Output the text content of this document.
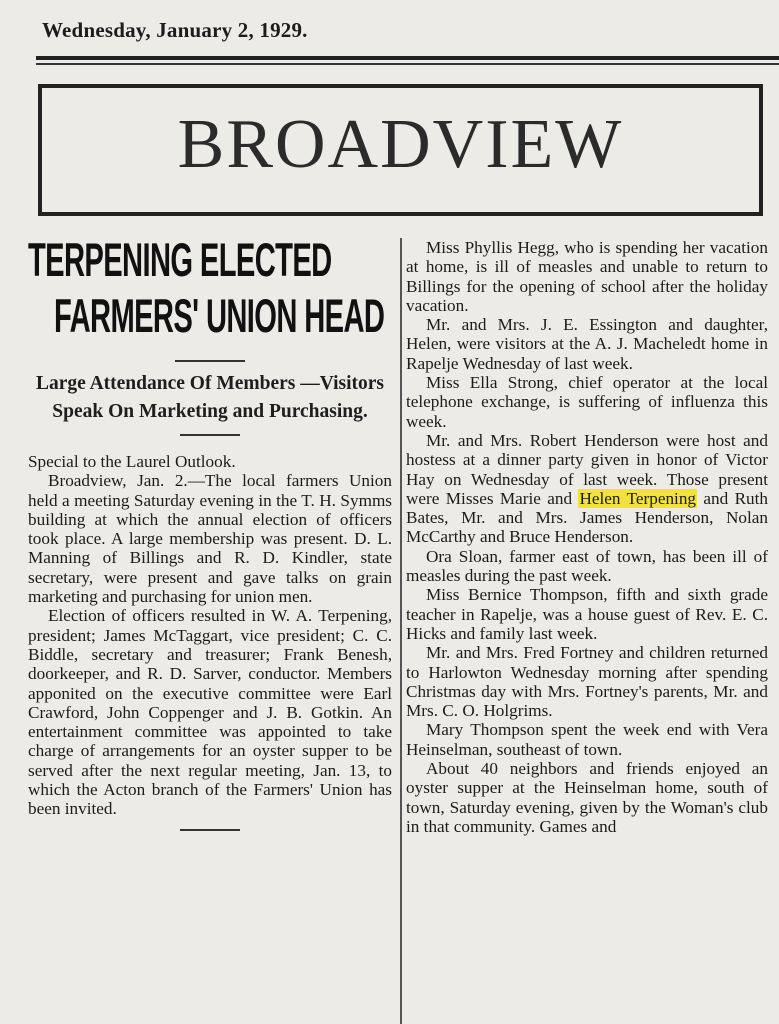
Wednesday, January 2, 1929.
BROADVIEW
TERPENING ELECTED
FARMERS' UNION HEAD
Large Attendance Of Members —Visitors Speak On Marketing and Purchasing.

Special to the Laurel Outlook.

Broadview, Jan. 2.—The local farmers Union held a meeting Saturday evening in the T. H. Symms building at which the annual election of officers took place. A large membership was present. D. L. Manning of Billings and R. D. Kindler, state secretary, were present and gave talks on grain marketing and purchasing for union men.

Election of officers resulted in W. A. Terpening, president; James McTaggart, vice president; C. C. Biddle, secretary and treasurer; Frank Benesh, doorkeeper, and R. D. Sarver, conductor. Members apponited on the executive committee were Earl Crawford, John Coppenger and J. B. Gotkin. An entertainment committee was appointed to take charge of arrangements for an oyster supper to be served after the next regular meeting, Jan. 13, to which the Acton branch of the Farmers' Union has been invited.

Miss Phyllis Hegg, who is spending her vacation at home, is ill of measles and unable to return to Billings for the opening of school after the holiday vacation.

Mr. and Mrs. J. E. Essington and daughter, Helen, were visitors at the A. J. Macheledt home in Rapelje Wednesday of last week.

Miss Ella Strong, chief operator at the local telephone exchange, is suffering of influenza this week.

Mr. and Mrs. Robert Henderson were host and hostess at a dinner party given in honor of Victor Hay on Wednesday of last week. Those present were Misses Marie and Helen Terpening and Ruth Bates, Mr. and Mrs. James Henderson, Nolan McCarthy and Bruce Henderson.

Ora Sloan, farmer east of town, has been ill of measles during the past week.

Miss Bernice Thompson, fifth and sixth grade teacher in Rapelje, was a house guest of Rev. E. C. Hicks and family last week.

Mr. and Mrs. Fred Fortney and children returned to Harlowton Wednesday morning after spending Christmas day with Mrs. Fortney's parents, Mr. and Mrs. C. O. Holgrims.

Mary Thompson spent the week end with Vera Heinselman, southeast of town.

About 40 neighbors and friends enjoyed an oyster supper at the Heinselman home, south of town, Saturday evening, given by the Woman's club in that community. Games and
